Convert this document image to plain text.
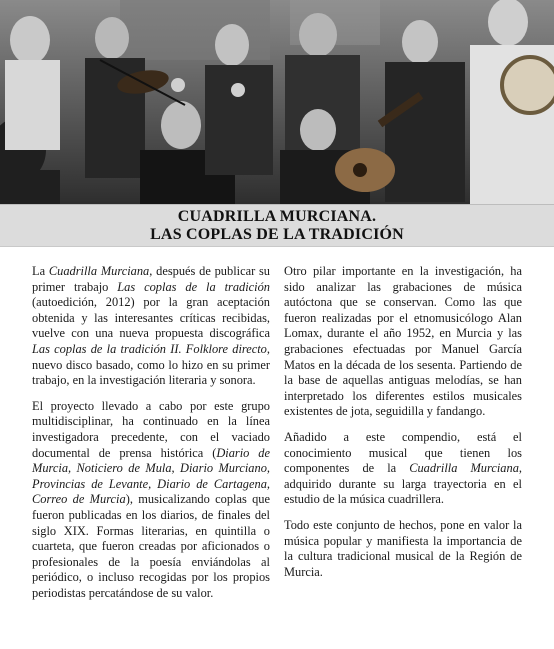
CUADRILLA MURCIANA.
LAS COPLAS DE LA TRADICIÓN

La Cuadrilla Murciana, después de publicar su primer trabajo Las coplas de la tradición (autoedición, 2012) por la gran aceptación obtenida y las interesantes críticas recibidas, vuelve con una nueva propuesta discográfica Las coplas de la tradición II. Folklore directo, nuevo disco basado, como lo hizo en su primer trabajo, en la investigación literaria y sonora.

El proyecto llevado a cabo por este grupo multidisciplinar, ha continuado en la línea investigadora precedente, con el vaciado documental de prensa histórica (Diario de Murcia, Noticiero de Mula, Diario Murciano, Provincias de Levante, Diario de Cartagena, Correo de Murcia), musicalizando coplas que fueron publicadas en los diarios, de finales del siglo XIX. Formas literarias, en quintilla o cuarteta, que fueron creadas por aficionados o profesionales de la poesía enviándolas al periódico, o incluso recogidas por los propios periodistas percatándose de su valor.

Otro pilar importante en la investigación, ha sido analizar las grabaciones de música autóctona que se conservan. Como las que fueron realizadas por el etnomusicólogo Alan Lomax, durante el año 1952, en Murcia y las grabaciones efectuadas por Manuel García Matos en la década de los sesenta. Partiendo de la base de aquellas antiguas melodías, se han interpretado los diferentes estilos musicales existentes de jota, seguidilla y fandango.

Añadido a este compendio, está el conocimiento musical que tienen los componentes de la Cuadrilla Murciana, adquirido durante su larga trayectoria en el estudio de la música cuadrillera.

Todo este conjunto de hechos, pone en valor la música popular y manifiesta la importancia de la cultura tradicional musical de la Región de Murcia.
